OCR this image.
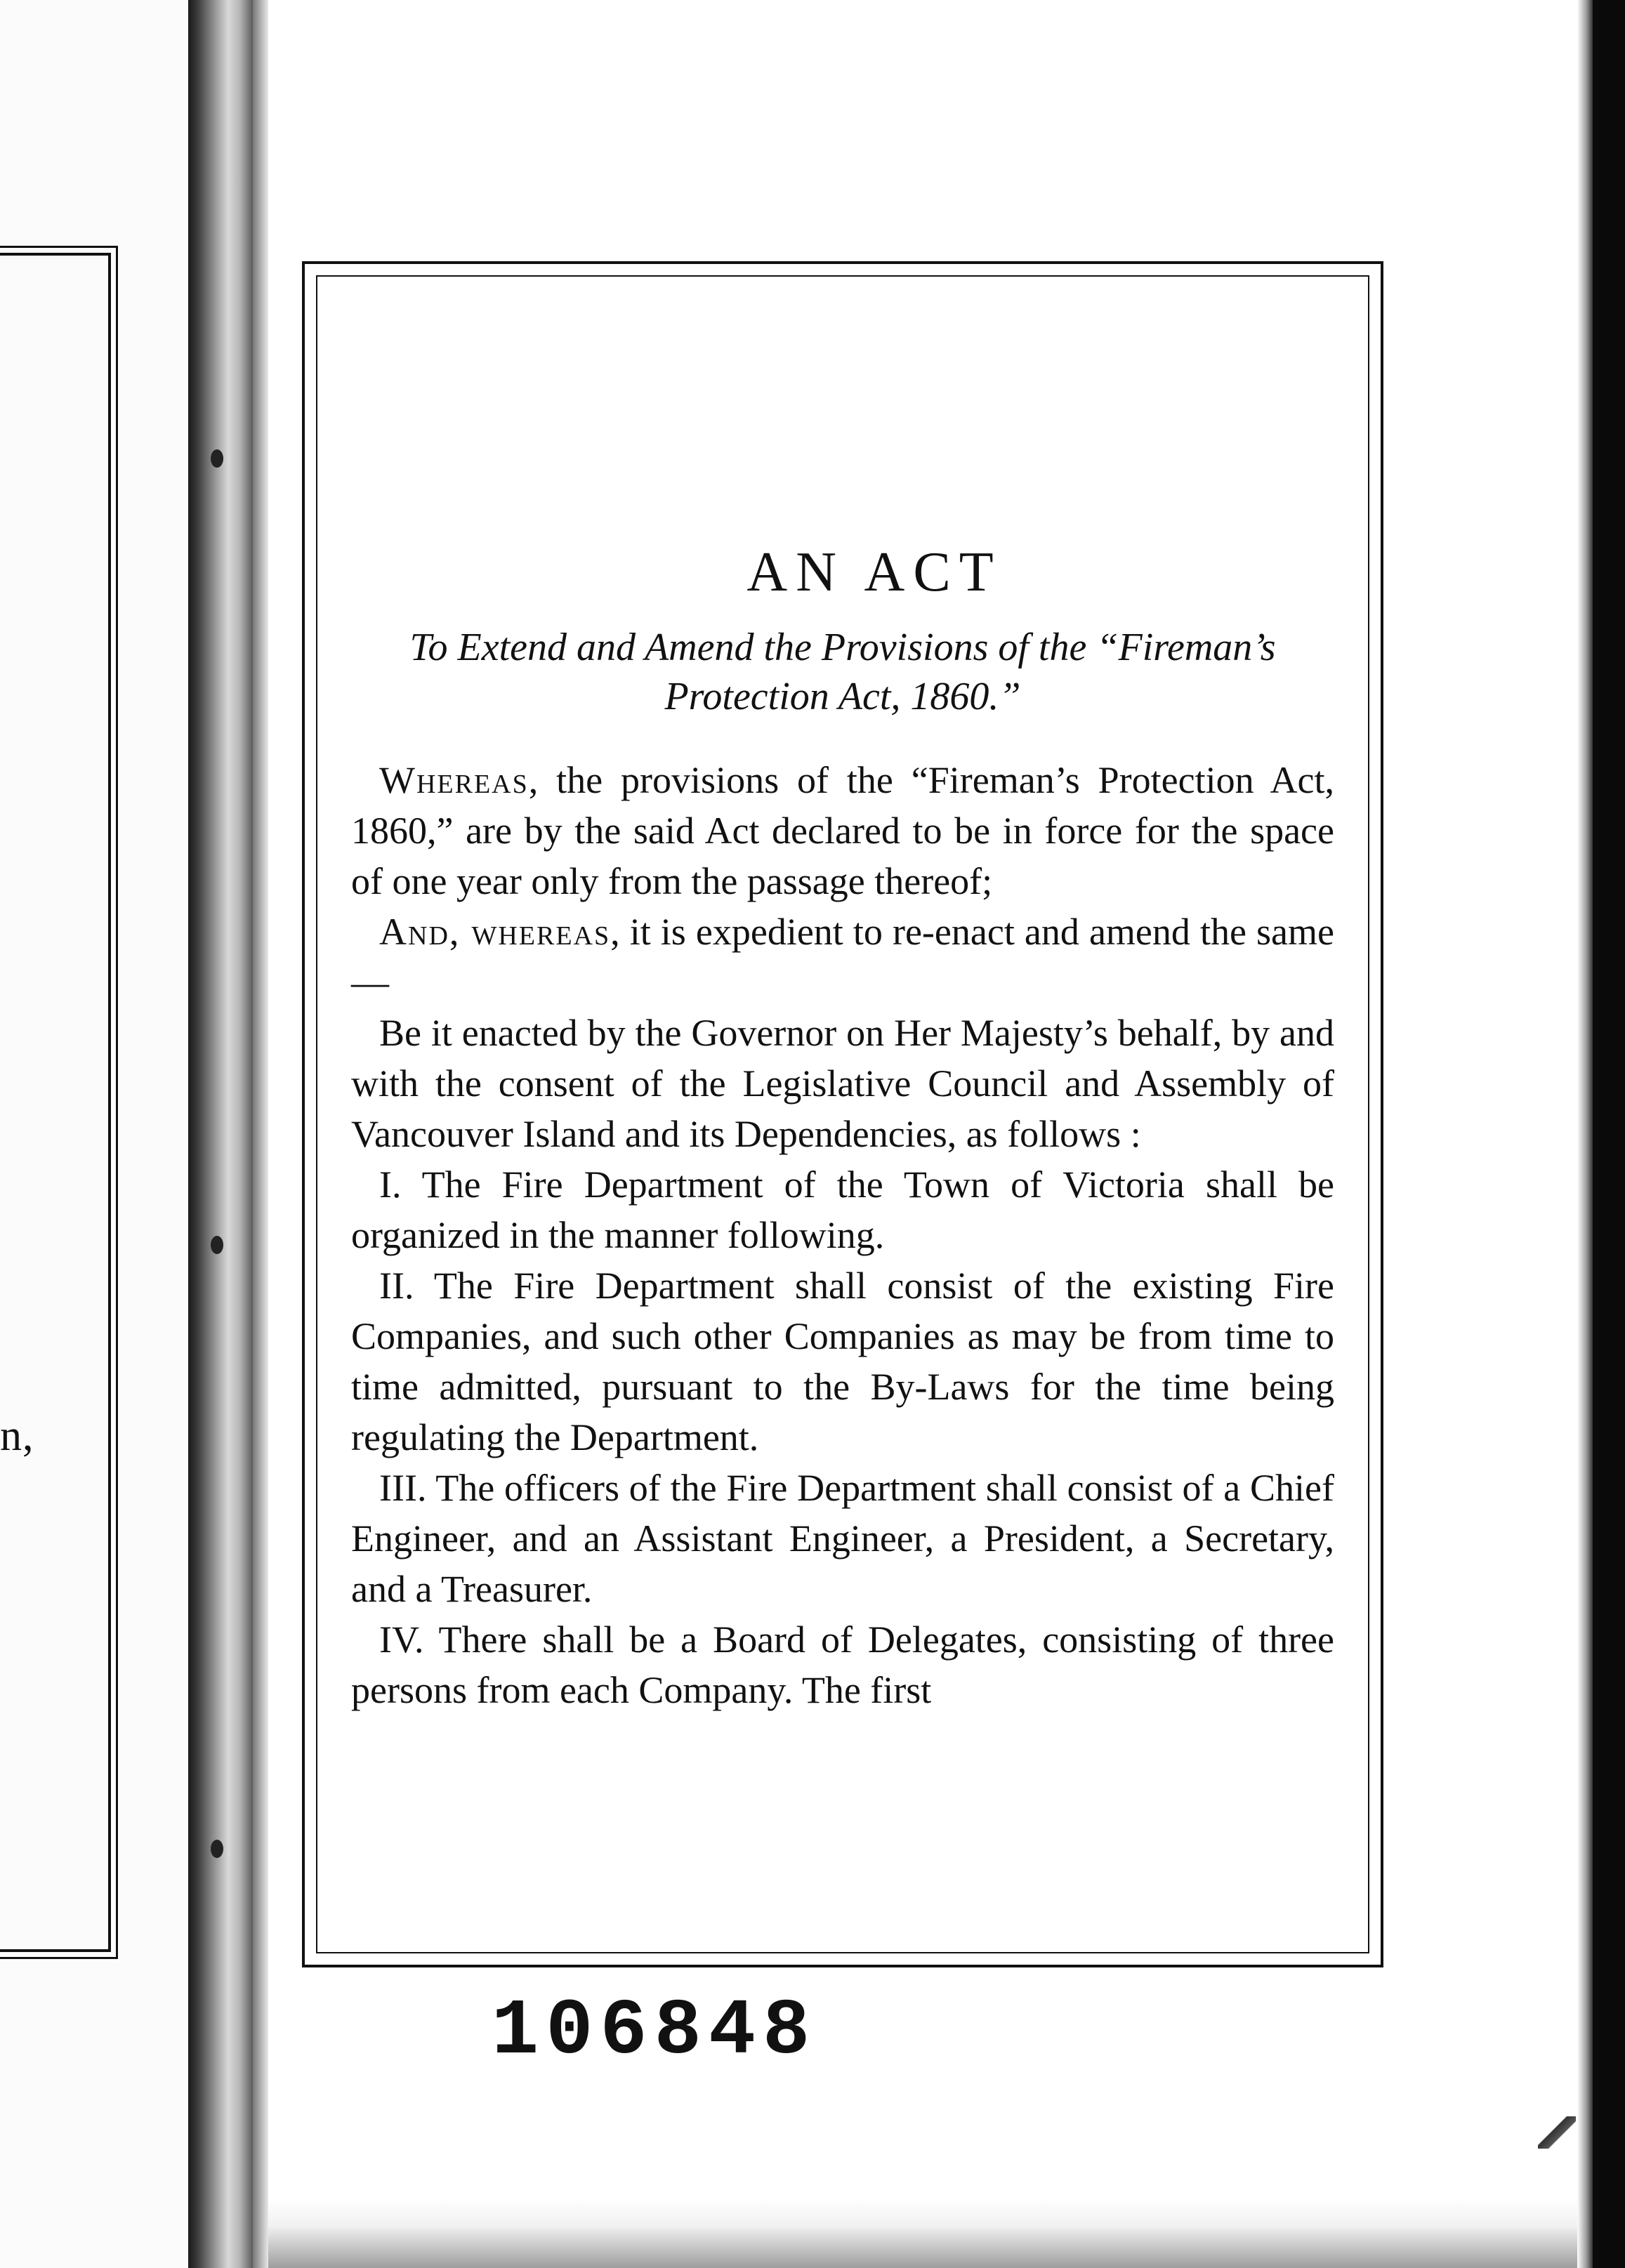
n,
AN ACT
To Extend and Amend the Provisions of the “Fireman’s Protection Act, 1860.”

Whereas, the provisions of the “Fireman’s Protection Act, 1860,” are by the said Act declared to be in force for the space of one year only from the passage thereof;

And, whereas, it is expedient to re-enact and amend the same—

Be it enacted by the Governor on Her Majesty’s behalf, by and with the consent of the Legislative Council and Assembly of Vancouver Island and its Dependencies, as follows :

I. The Fire Department of the Town of Victoria shall be organized in the manner following.

II. The Fire Department shall consist of the existing Fire Companies, and such other Companies as may be from time to time admitted, pursuant to the By-Laws for the time being regulating the Department.

III. The officers of the Fire Department shall consist of a Chief Engineer, and an Assistant Engineer, a President, a Secretary, and a Treasurer.

IV. There shall be a Board of Delegates, consisting of three persons from each Company. The first

106848
